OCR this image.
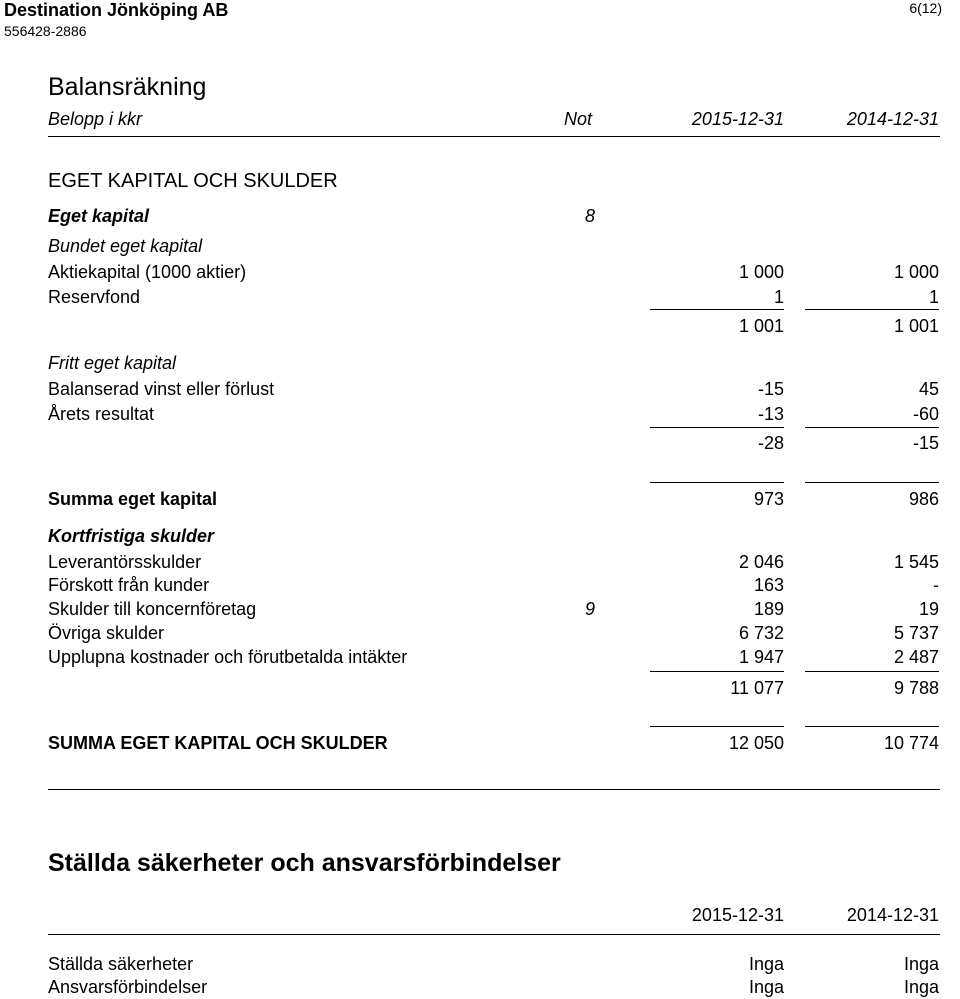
Destination Jönköping AB
556428-2886
6(12)
Balansräkning
Belopp i kkr	Not	2015-12-31	2014-12-31
EGET KAPITAL OCH SKULDER
Eget kapital	8
Bundet eget kapital
Aktiekapital (1000 aktier)	1 000	1 000
Reservfond	1	1
1 001	1 001
Fritt eget kapital
Balanserad vinst eller förlust	-15	45
Årets resultat	-13	-60
-28	-15
Summa eget kapital	973	986
Kortfristiga skulder
Leverantörsskulder	2 046	1 545
Förskott från kunder	163	-
Skulder till koncernföretag	9	189	19
Övriga skulder	6 732	5 737
Upplupna kostnader och förutbetalda intäkter	1 947	2 487
11 077	9 788
SUMMA EGET KAPITAL OCH SKULDER	12 050	10 774
Ställda säkerheter och ansvarsförbindelser
2015-12-31	2014-12-31
Ställda säkerheter	Inga	Inga
Ansvarsförbindelser	Inga	Inga
